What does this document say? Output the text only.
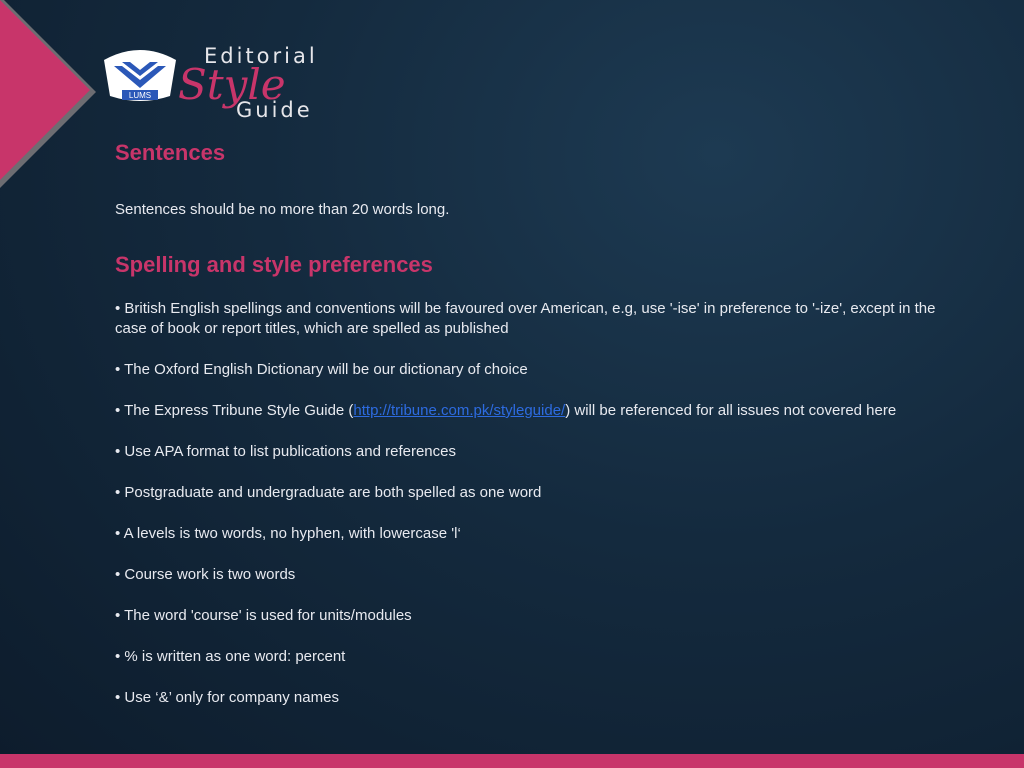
LUMS
Editorial
Style
Guide
Sentences

Sentences should be no more than 20 words long.

Spelling and style preferences

• British English spellings and conventions will be favoured over American, e.g, use '-ise' in preference to '-ize', except in the case of book or report titles, which are spelled as published

• The Oxford English Dictionary will be our dictionary of choice

• The Express Tribune Style Guide (http://tribune.com.pk/styleguide/) will be referenced for all issues not covered here

• Use APA format to list publications and references

• Postgraduate and undergraduate are both spelled as one word

• A levels is two words, no hyphen, with lowercase 'l‘

• Course work is two words

• The word 'course' is used for units/modules

• % is written as one word: percent

• Use ‘&’ only for company names
